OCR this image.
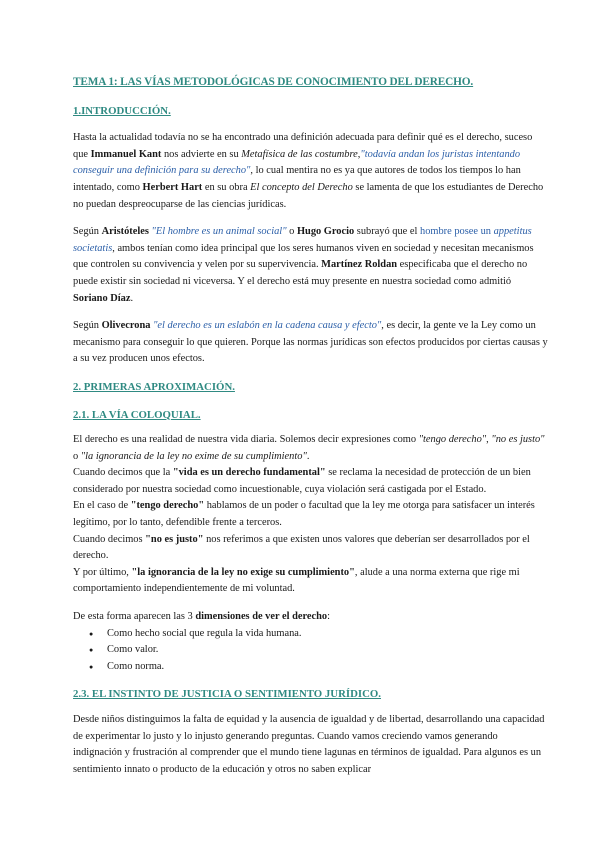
TEMA 1: LAS VÍAS METODOLÓGICAS DE CONOCIMIENTO DEL DERECHO.
1.INTRODUCCIÓN.

Hasta la actualidad todavía no se ha encontrado una definición adecuada para definir qué es el derecho, suceso que Immanuel Kant nos advierte en su Metafísica de las costumbre,"todavía andan los juristas intentando conseguir una definición para su derecho", lo cual mentira no es ya que autores de todos los tiempos lo han intentado, como Herbert Hart en su obra El concepto del Derecho se lamenta de que los estudiantes de Derecho no puedan despreocuparse de las ciencias jurídicas.

Según Aristóteles "El hombre es un animal social" o Hugo Grocio subrayó que el hombre posee un appetitus societatis, ambos tenían como idea principal que los seres humanos viven en sociedad y necesitan mecanismos que controlen su convivencia y velen por su supervivencia. Martínez Roldan especificaba que el derecho no puede existir sin sociedad ni viceversa. Y el derecho está muy presente en nuestra sociedad como admitió Soriano Díaz.

Según Olivecrona "el derecho es un eslabón en la cadena causa y efecto", es decir, la gente ve la Ley como un mecanismo para conseguir lo que quieren. Porque las normas jurídicas son efectos producidos por ciertas causas y a su vez producen unos efectos.

2. PRIMERAS APROXIMACIÓN.
2.1. LA VÍA COLOQUIAL.

El derecho es una realidad de nuestra vida diaria. Solemos decir expresiones como "tengo derecho", "no es justo" o "la ignorancia de la ley no exime de su cumplimiento".

Cuando decimos que la "vida es un derecho fundamental" se reclama la necesidad de protección de un bien considerado por nuestra sociedad como incuestionable, cuya violación será castigada por el Estado.

En el caso de "tengo derecho" hablamos de un poder o facultad que la ley me otorga para satisfacer un interés legítimo, por lo tanto, defendible frente a terceros.

Cuando decimos "no es justo" nos referimos a que existen unos valores que deberían ser desarrollados por el derecho.

Y por último, "la ignorancia de la ley no exige su cumplimiento", alude a una norma externa que rige mi comportamiento independientemente de mi voluntad.

De esta forma aparecen las 3 dimensiones de ver el derecho:

● Como hecho social que regula la vida humana.
● Como valor.
● Como norma.
2.3. EL INSTINTO DE JUSTICIA O SENTIMIENTO JURÍDICO.

Desde niños distinguimos la falta de equidad y la ausencia de igualdad y de libertad, desarrollando una capacidad de experimentar lo justo y lo injusto generando preguntas. Cuando vamos creciendo vamos generando indignación y frustración al comprender que el mundo tiene lagunas en términos de igualdad. Para algunos es un sentimiento innato o producto de la educación y otros no saben explicar
